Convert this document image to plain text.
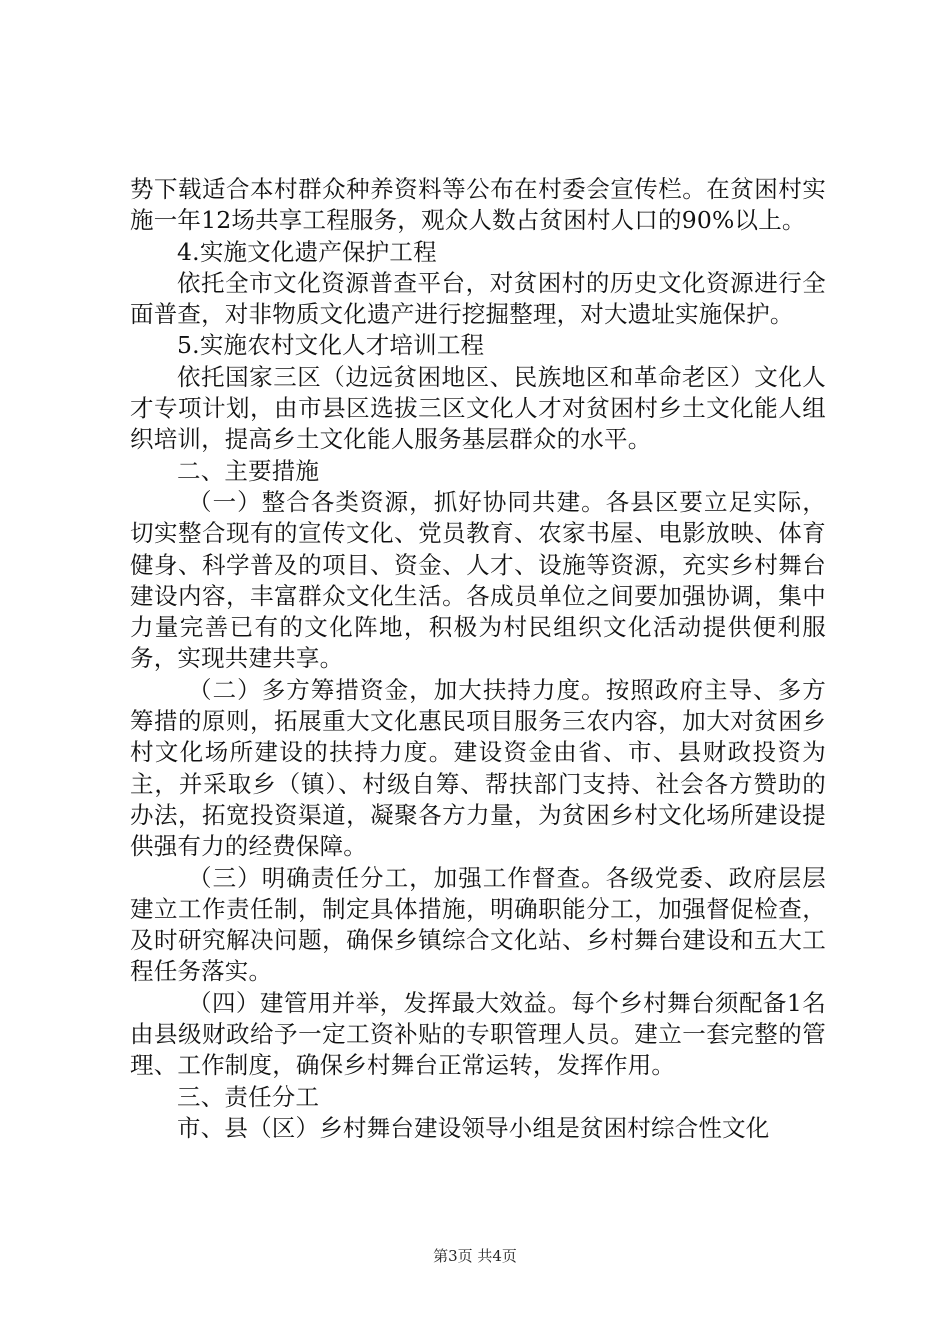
势下载适合本村群众种养资料等公布在村委会宣传栏。在贫困村实施一年12场共享工程服务，观众人数占贫困村人口的90%以上。

4.实施文化遗产保护工程

依托全市文化资源普查平台，对贫困村的历史文化资源进行全面普查，对非物质文化遗产进行挖掘整理，对大遗址实施保护。

5.实施农村文化人才培训工程

依托国家三区（边远贫困地区、民族地区和革命老区）文化人才专项计划，由市县区选拔三区文化人才对贫困村乡土文化能人组织培训，提高乡土文化能人服务基层群众的水平。

二、主要措施

（一）整合各类资源，抓好协同共建。各县区要立足实际，切实整合现有的宣传文化、党员教育、农家书屋、电影放映、体育健身、科学普及的项目、资金、人才、设施等资源，充实乡村舞台建设内容，丰富群众文化生活。各成员单位之间要加强协调，集中力量完善已有的文化阵地，积极为村民组织文化活动提供便利服务，实现共建共享。

（二）多方筹措资金，加大扶持力度。按照政府主导、多方筹措的原则，拓展重大文化惠民项目服务三农内容，加大对贫困乡村文化场所建设的扶持力度。建设资金由省、市、县财政投资为主，并采取乡（镇）、村级自筹、帮扶部门支持、社会各方赞助的办法，拓宽投资渠道，凝聚各方力量，为贫困乡村文化场所建设提供强有力的经费保障。

（三）明确责任分工，加强工作督查。各级党委、政府层层建立工作责任制，制定具体措施，明确职能分工，加强督促检查，及时研究解决问题，确保乡镇综合文化站、乡村舞台建设和五大工程任务落实。

（四）建管用并举，发挥最大效益。每个乡村舞台须配备1名由县级财政给予一定工资补贴的专职管理人员。建立一套完整的管理、工作制度，确保乡村舞台正常运转，发挥作用。

三、责任分工

市、县（区）乡村舞台建设领导小组是贫困村综合性文化

第3页 共4页
